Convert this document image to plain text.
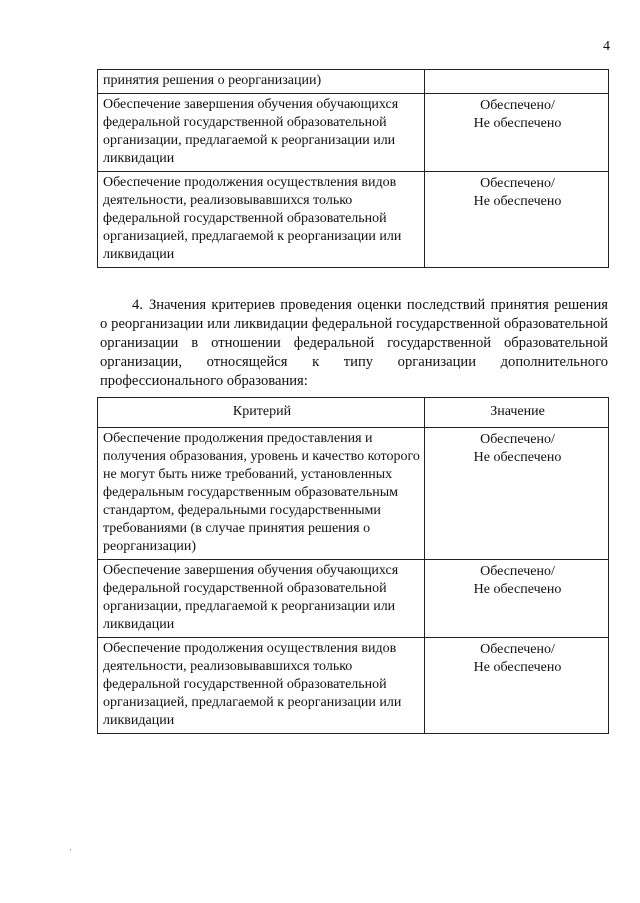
4
принятия решения о реорганизации)	

Обеспечение завершения обучения обучающихся федеральной государственной образовательной организации, предлагаемой к реорганизации или ликвидации	Обеспечено/
Не обеспечено

Обеспечение продолжения осуществления видов деятельности, реализовывавшихся только федеральной государственной образовательной организацией, предлагаемой к реорганизации или ликвидации	Обеспечено/
Не обеспечено

4. Значения критериев проведения оценки последствий принятия решения о реорганизации или ликвидации федеральной государственной образовательной организации в отношении федеральной государственной образовательной организации, относящейся к типу организации дополнительного профессионального образования:

Критерий	Значение
Обеспечение продолжения предоставления и получения образования, уровень и качество которого не могут быть ниже требований, установленных федеральным государственным образовательным стандартом, федеральными государственными требованиями (в случае принятия решения о реорганизации)	Обеспечено/
Не обеспечено

Обеспечение завершения обучения обучающихся федеральной государственной образовательной организации, предлагаемой к реорганизации или ликвидации	Обеспечено/
Не обеспечено

Обеспечение продолжения осуществления видов деятельности, реализовывавшихся только федеральной государственной образовательной организацией, предлагаемой к реорганизации или ликвидации	Обеспечено/
Не обеспечено
·
